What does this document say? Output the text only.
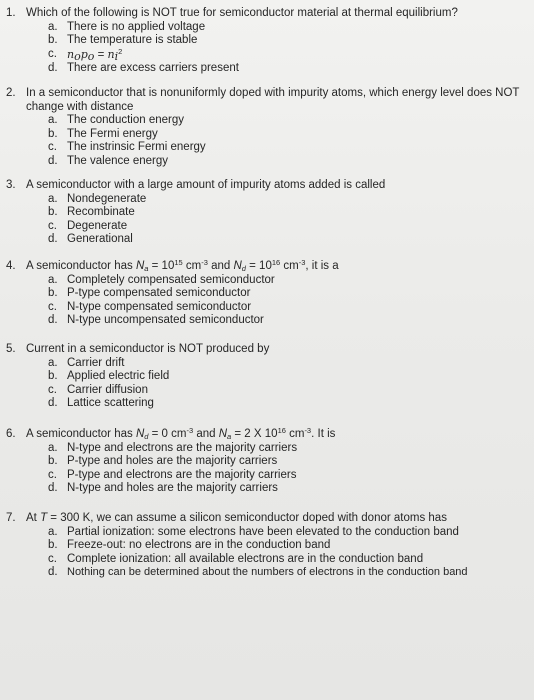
1. Which of the following is NOT true for semiconductor material at thermal equilibrium?
a. There is no applied voltage
b. The temperature is stable
c. $n_op_o = n_i^2$
d. There are excess carriers present
2. In a semiconductor that is nonuniformly doped with impurity atoms, which energy level does NOT
change with distance
a. The conduction energy
b. The Fermi energy
c. The instrinsic Fermi energy
d. The valence energy
3. A semiconductor with a large amount of impurity atoms added is called
a. Nondegenerate
b. Recombinate
c. Degenerate
d. Generational
4. A semiconductor has $N_a = 10^{15}$ $cm^{-3}$ and $N_d = 10^{16}$ $cm^{-3}$, it is a
a. Completely compensated semiconductor
b. P-type compensated semiconductor
c. N-type compensated semiconductor
d. N-type uncompensated semiconductor
5. Current in a semiconductor is NOT produced by
a. Carrier drift
b. Applied electric field
c. Carrier diffusion
d. Lattice scattering
6. A semiconductor has $N_d = 0$ $cm^{-3}$ and $N_a = 2$ X $10^{16}$ $cm^{-3}$. It is
a. N-type and electrons are the majority carriers
b. P-type and holes are the majority carriers
c. P-type and electrons are the majority carriers
d. N-type and holes are the majority carriers
7. At T = 300 K, we can assume a silicon semiconductor doped with donor atoms has
a. Partial ionization: some electrons have been elevated to the conduction band
b. Freeze-out: no electrons are in the conduction band
c. Complete ionization: all available electrons are in the conduction band
d. Nothing can be determined about the numbers of electrons in the conduction band
